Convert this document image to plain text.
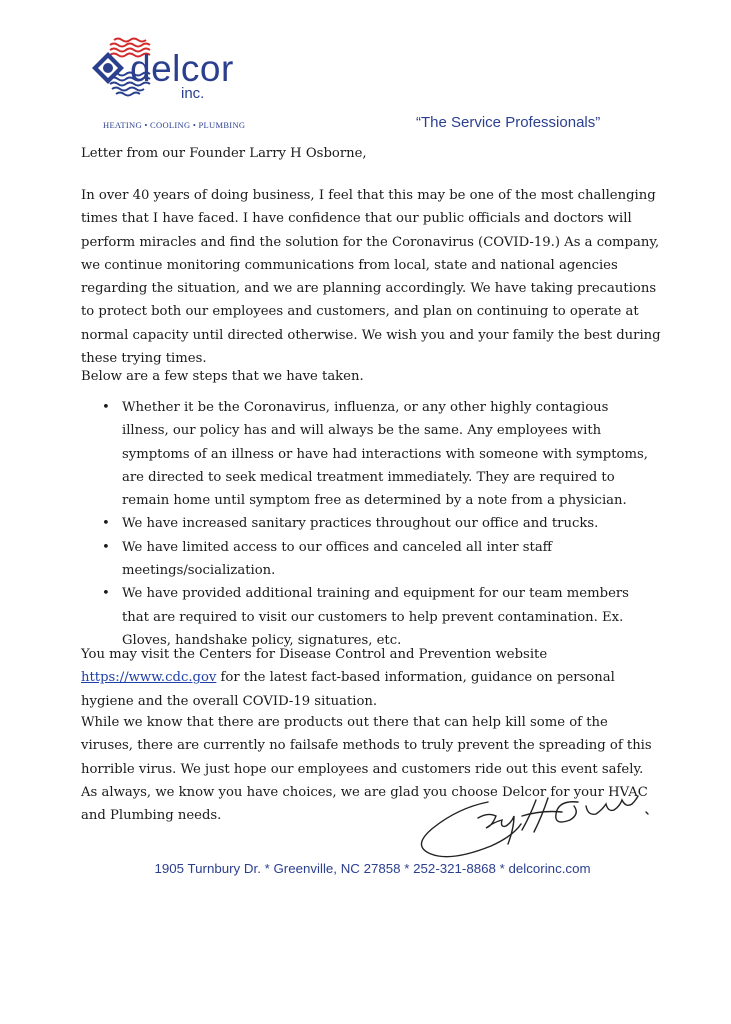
delcor
inc.
HEATING • COOLING • PLUMBING	“The Service Professionals”
Letter from our Founder Larry H Osborne,
In over 40 years of doing business, I feel that this may be one of the most challenging times that I have faced. I have confidence that our public officials and doctors will perform miracles and find the solution for the Coronavirus (COVID-19.) As a company, we continue monitoring communications from local, state and national agencies regarding the situation, and we are planning accordingly. We have taking precautions to protect both our employees and customers, and plan on continuing to operate at normal capacity until directed otherwise. We wish you and your family the best during these trying times.
Below are a few steps that we have taken.
• Whether it be the Coronavirus, influenza, or any other highly contagious illness, our policy has and will always be the same. Any employees with symptoms of an illness or have had interactions with someone with symptoms, are directed to seek medical treatment immediately. They are required to remain home until symptom free as determined by a note from a physician.
• We have increased sanitary practices throughout our office and trucks.
• We have limited access to our offices and canceled all inter staff meetings/socialization.
• We have provided additional training and equipment for our team members that are required to visit our customers to help prevent contamination. Ex. Gloves, handshake policy, signatures, etc.
You may visit the Centers for Disease Control and Prevention website https://www.cdc.gov for the latest fact-based information, guidance on personal hygiene and the overall COVID-19 situation.
While we know that there are products out there that can help kill some of the viruses, there are currently no failsafe methods to truly prevent the spreading of this horrible virus. We just hope our employees and customers ride out this event safely. As always, we know you have choices, we are glad you choose Delcor for your HVAC and Plumbing needs.
1905 Turnbury Dr. * Greenville, NC 27858 * 252-321-8868 * delcorinc.com
